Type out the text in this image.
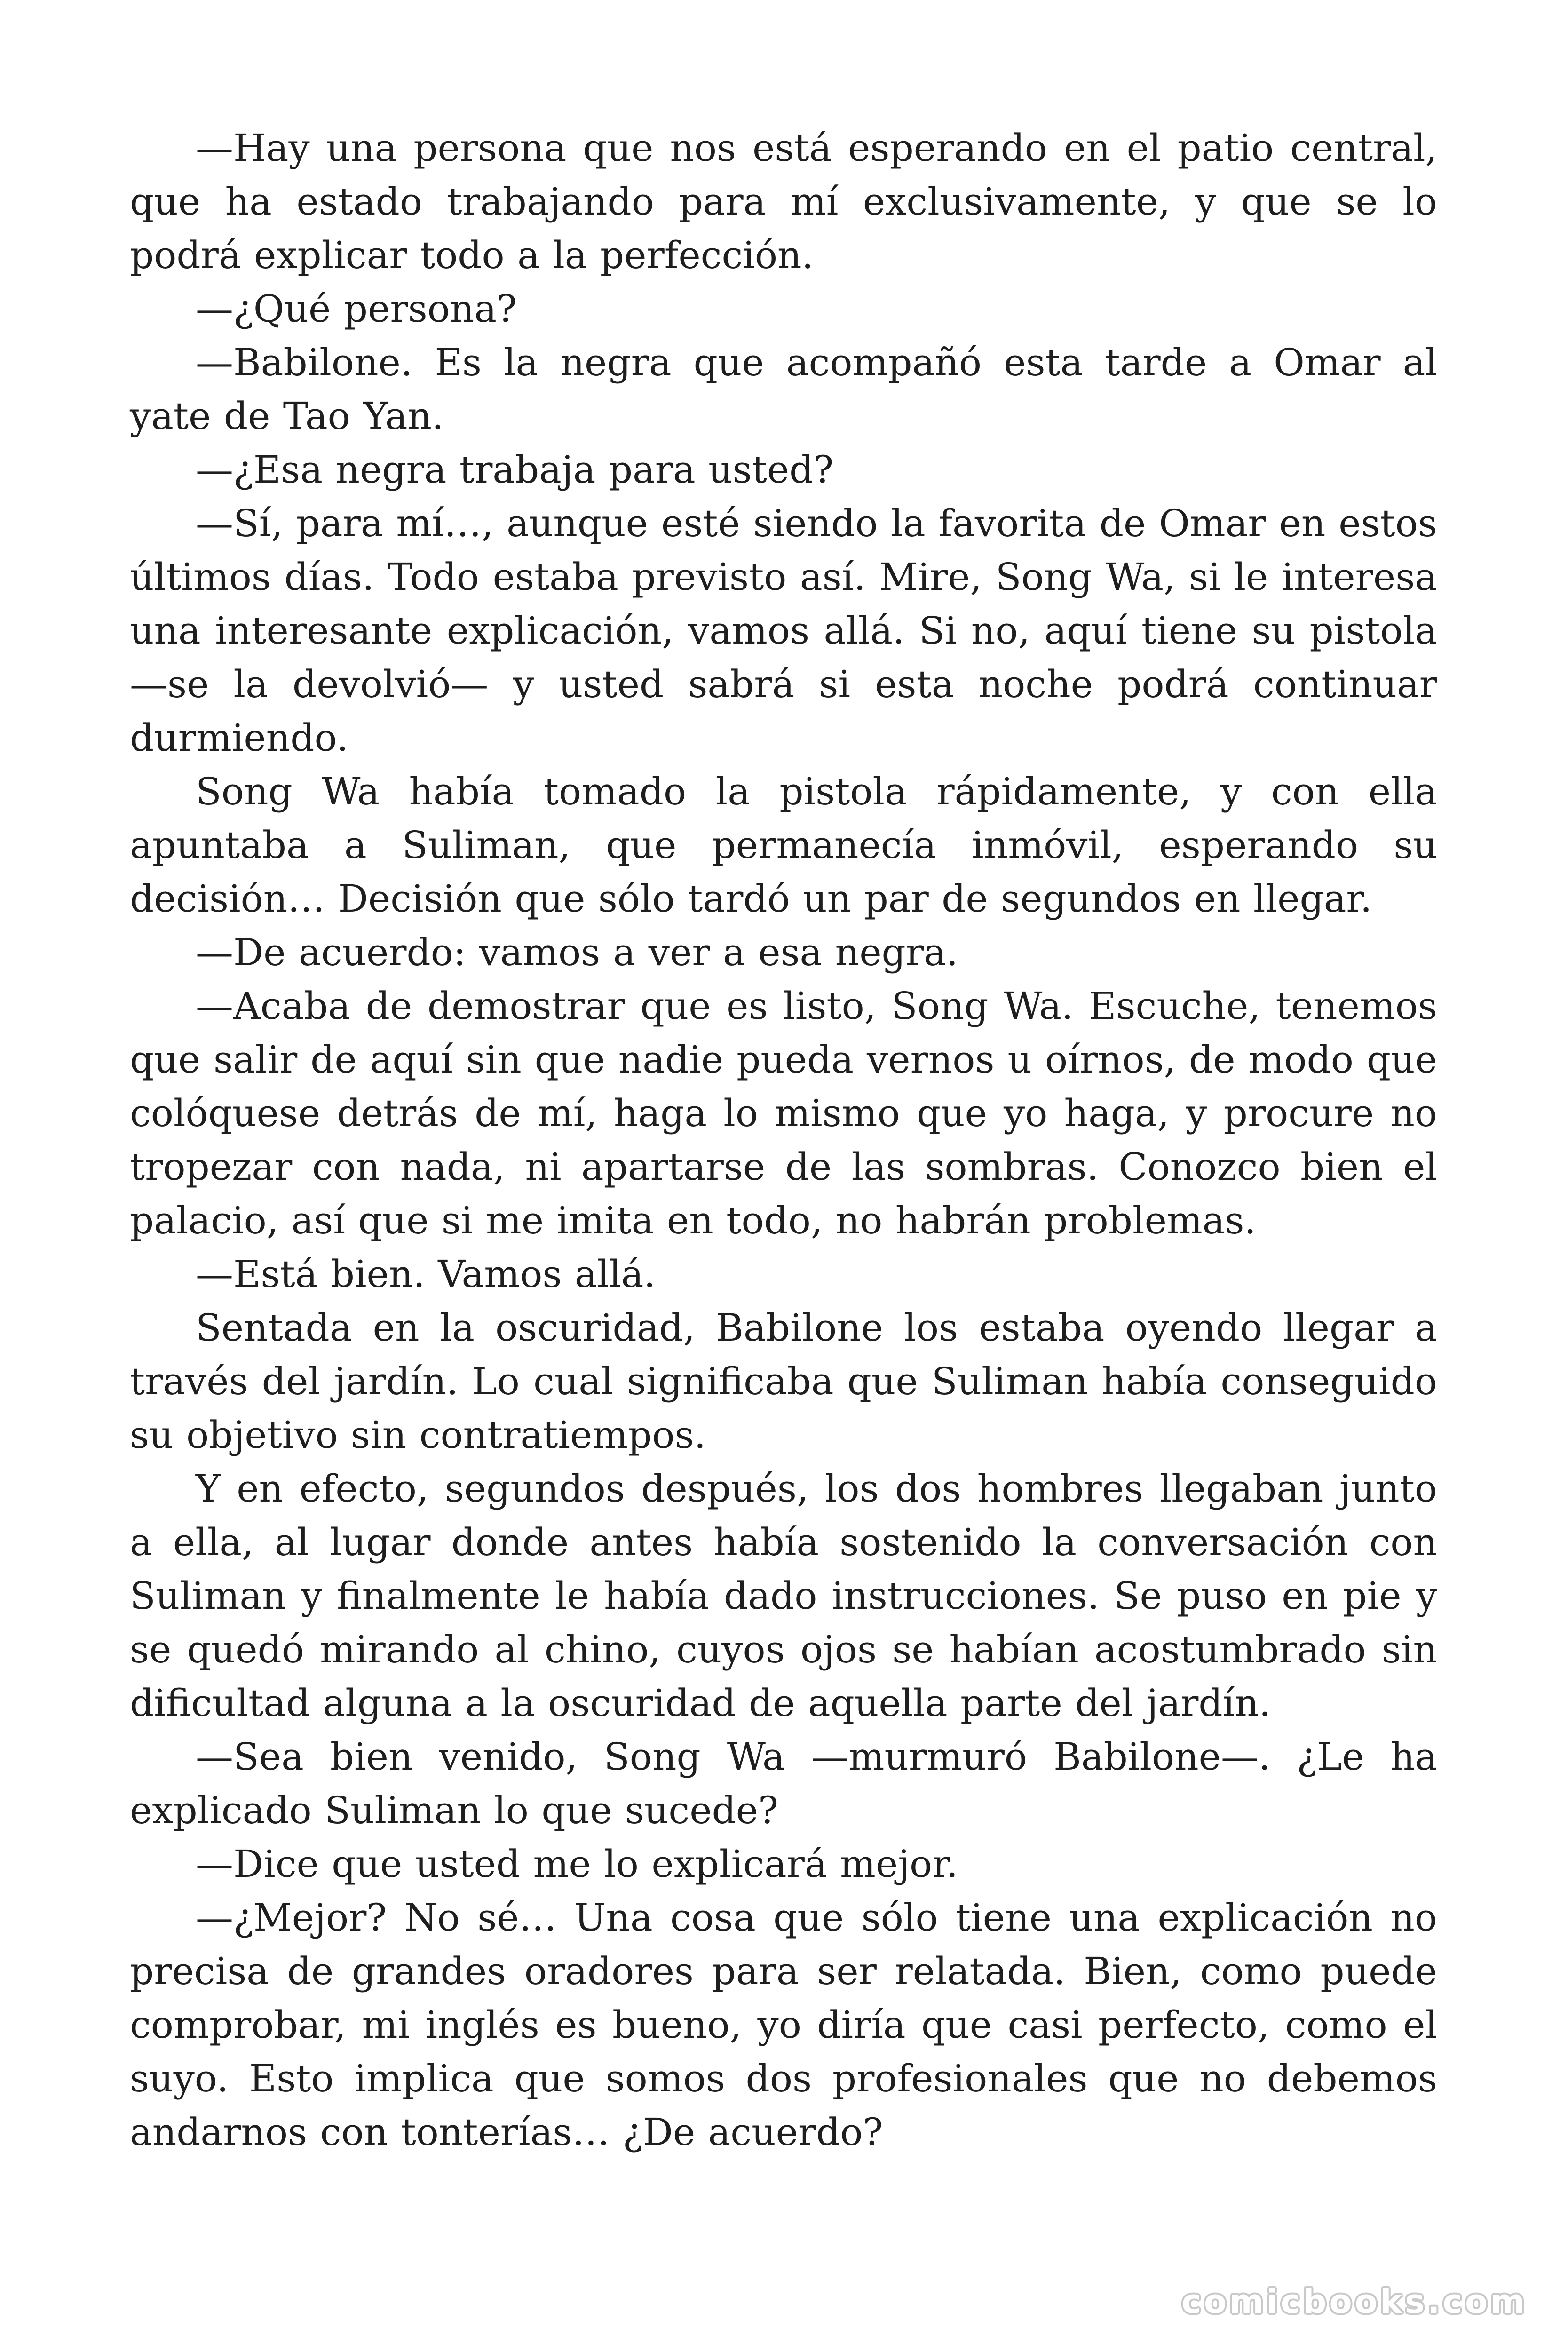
—Hay una persona que nos está esperando en el patio central, que ha estado trabajando para mí exclusivamente, y que se lo podrá explicar todo a la perfección.

—¿Qué persona?

—Babilone. Es la negra que acompañó esta tarde a Omar al yate de Tao Yan.

—¿Esa negra trabaja para usted?

—Sí, para mí…, aunque esté siendo la favorita de Omar en estos últimos días. Todo estaba previsto así. Mire, Song Wa, si le interesa una interesante explicación, vamos allá. Si no, aquí tiene su pistola —se la devolvió— y usted sabrá si esta noche podrá continuar durmiendo.

Song Wa había tomado la pistola rápidamente, y con ella apuntaba a Suliman, que permanecía inmóvil, esperando su decisión… Decisión que sólo tardó un par de segundos en llegar.

—De acuerdo: vamos a ver a esa negra.

—Acaba de demostrar que es listo, Song Wa. Escuche, tenemos que salir de aquí sin que nadie pueda vernos u oírnos, de modo que colóquese detrás de mí, haga lo mismo que yo haga, y procure no tropezar con nada, ni apartarse de las sombras. Conozco bien el palacio, así que si me imita en todo, no habrán problemas.

—Está bien. Vamos allá.

Sentada en la oscuridad, Babilone los estaba oyendo llegar a través del jardín. Lo cual significaba que Suliman había conseguido su objetivo sin contratiempos.

Y en efecto, segundos después, los dos hombres llegaban junto a ella, al lugar donde antes había sostenido la conversación con Suliman y finalmente le había dado instrucciones. Se puso en pie y se quedó mirando al chino, cuyos ojos se habían acostumbrado sin dificultad alguna a la oscuridad de aquella parte del jardín.

—Sea bien venido, Song Wa —murmuró Babilone—. ¿Le ha explicado Suliman lo que sucede?

—Dice que usted me lo explicará mejor.

—¿Mejor? No sé… Una cosa que sólo tiene una explicación no precisa de grandes oradores para ser relatada. Bien, como puede comprobar, mi inglés es bueno, yo diría que casi perfecto, como el suyo. Esto implica que somos dos profesionales que no debemos andarnos con tonterías… ¿De acuerdo?

comicbooks.com
